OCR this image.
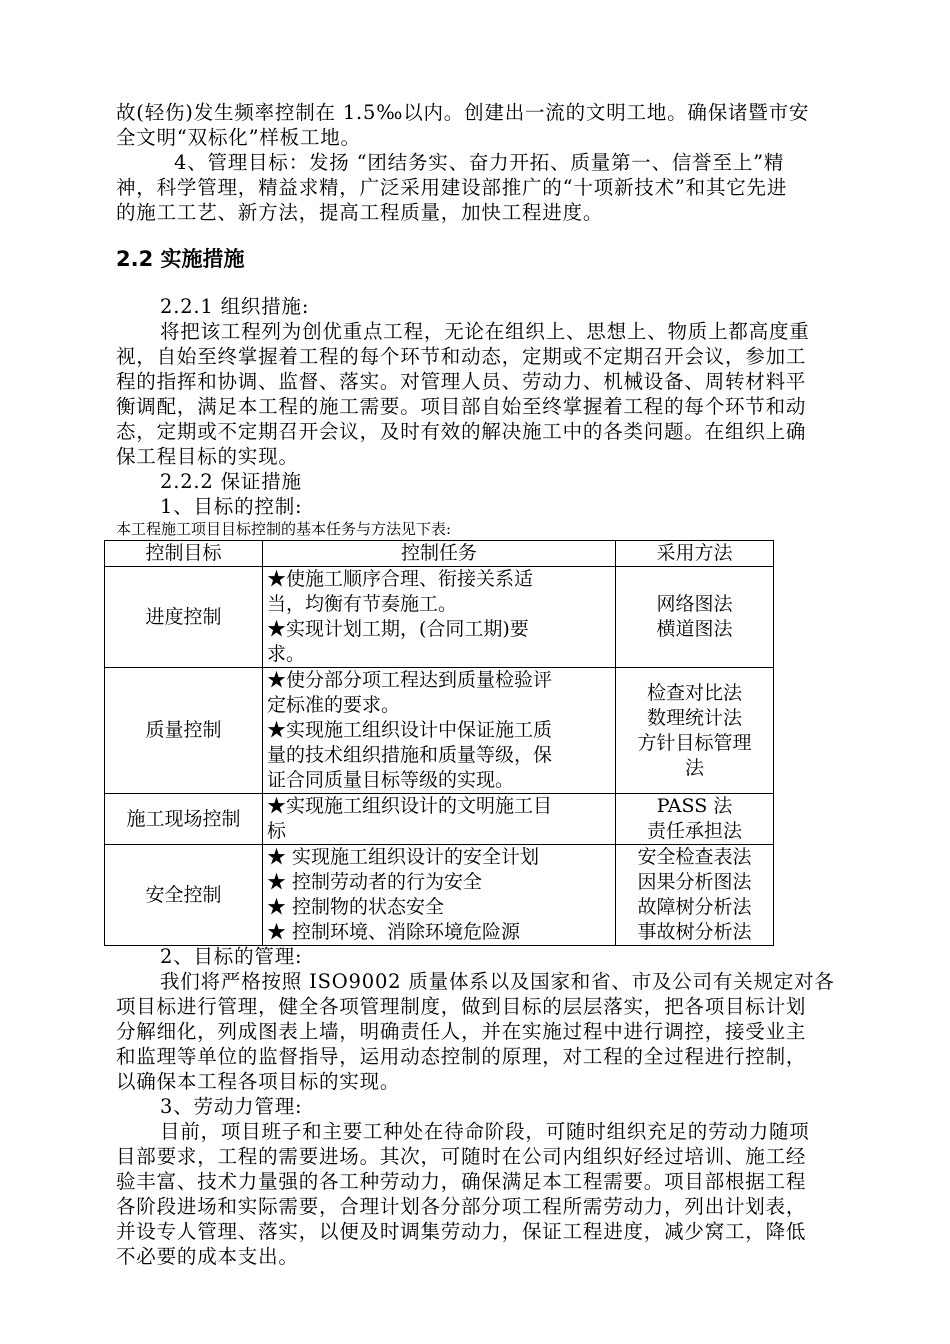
故(轻伤)发生频率控制在 1.5‰以内。创建出一流的文明工地。确保诸暨市安
全文明“双标化”样板工地。
4、管理目标：发扬 “团结务实、奋力开拓、质量第一、信誉至上”精
神，科学管理，精益求精，广泛采用建设部推广的“十项新技术”和其它先进
的施工工艺、新方法，提高工程质量，加快工程进度。
2.2 实施措施
2.2.1 组织措施:
将把该工程列为创优重点工程，无论在组织上、思想上、物质上都高度重
视，自始至终掌握着工程的每个环节和动态，定期或不定期召开会议，参加工
程的指挥和协调、监督、落实。对管理人员、劳动力、机械设备、周转材料平
衡调配，满足本工程的施工需要。项目部自始至终掌握着工程的每个环节和动
态，定期或不定期召开会议，及时有效的解决施工中的各类问题。在组织上确
保工程目标的实现。
2.2.2 保证措施
1、目标的控制:
本工程施工项目目标控制的基本任务与方法见下表:
控制目标	控制任务	采用方法
进度控制	★使施工顺序合理、衔接关系适
当，均衡有节奏施工。
★实现计划工期，(合同工期)要
求。	网络图法
横道图法

质量控制	★使分部分项工程达到质量检验评
定标准的要求。
★实现施工组织设计中保证施工质
量的技术组织措施和质量等级，保
证合同质量目标等级的实现。	检查对比法
数理统计法
方针目标管理
法

施工现场控制	★实现施工组织设计的文明施工目
标	PASS 法
责任承担法

安全控制	★ 实现施工组织设计的安全计划
★ 控制劳动者的行为安全
★ 控制物的状态安全
★ 控制环境、消除环境危险源	安全检查表法
因果分析图法
故障树分析法
事故树分析法
2、目标的管理:
我们将严格按照 ISO9002 质量体系以及国家和省、市及公司有关规定对各
项目标进行管理，健全各项管理制度，做到目标的层层落实，把各项目标计划
分解细化，列成图表上墙，明确责任人，并在实施过程中进行调控，接受业主
和监理等单位的监督指导，运用动态控制的原理，对工程的全过程进行控制，
以确保本工程各项目标的实现。
3、劳动力管理:
目前，项目班子和主要工种处在待命阶段，可随时组织充足的劳动力随项
目部要求，工程的需要进场。其次，可随时在公司内组织好经过培训、施工经
验丰富、技术力量强的各工种劳动力，确保满足本工程需要。项目部根据工程
各阶段进场和实际需要，合理计划各分部分项工程所需劳动力，列出计划表，
并设专人管理、落实，以便及时调集劳动力，保证工程进度，减少窝工，降低
不必要的成本支出。
